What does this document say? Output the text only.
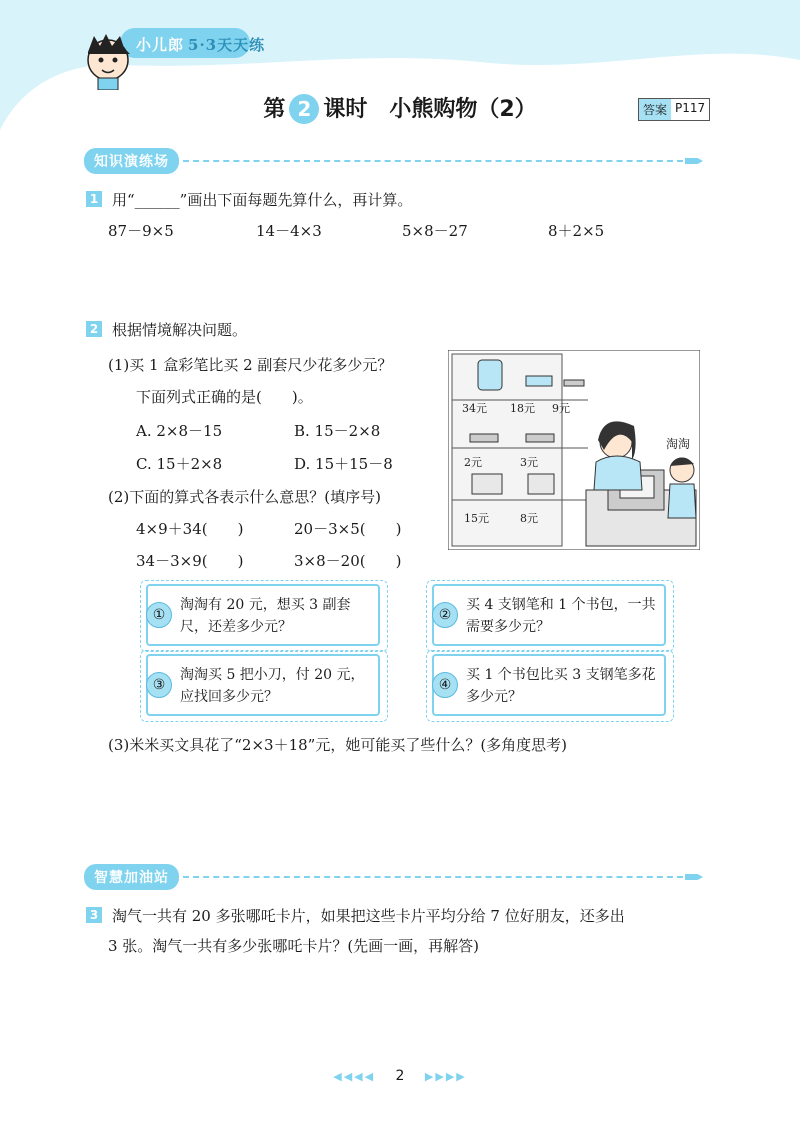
小儿郎 5·3天天练
第 2 课时　小熊购物（2）	答案 P117
知识演练场
1 用“______”画出下面每题先算什么，再计算。
87－9×5	14－4×3	5×8－27	8＋2×5
2 根据情境解决问题。
(1)买 1 盒彩笔比买 2 副套尺少花多少元？
下面列式正确的是(　　)。
A. 2×8－15	B. 15－2×8
C. 15＋2×8	D. 15＋15－8
(2)下面的算式各表示什么意思？(填序号)
4×9＋34(　　)	20－3×5(　　)
34－3×9(　　)	3×8－20(　　)
34元 18元 9元
2元	3元
15元	8元
淘淘
①
淘淘有 20 元，想买 3 副套尺，还差多少元？
②
买 4 支钢笔和 1 个书包，一共需要多少元？
③
淘淘买 5 把小刀，付 20 元，应找回多少元？
④
买 1 个书包比买 3 支钢笔多花多少元？
(3)米米买文具花了“2×3＋18”元，她可能买了些什么？(多角度思考)
智慧加油站
3 淘气一共有 20 多张哪吒卡片，如果把这些卡片平均分给 7 位好朋友，还多出
3 张。淘气一共有多少张哪吒卡片？(先画一画，再解答)
◀◀◀◀ 2 ▶▶▶▶
